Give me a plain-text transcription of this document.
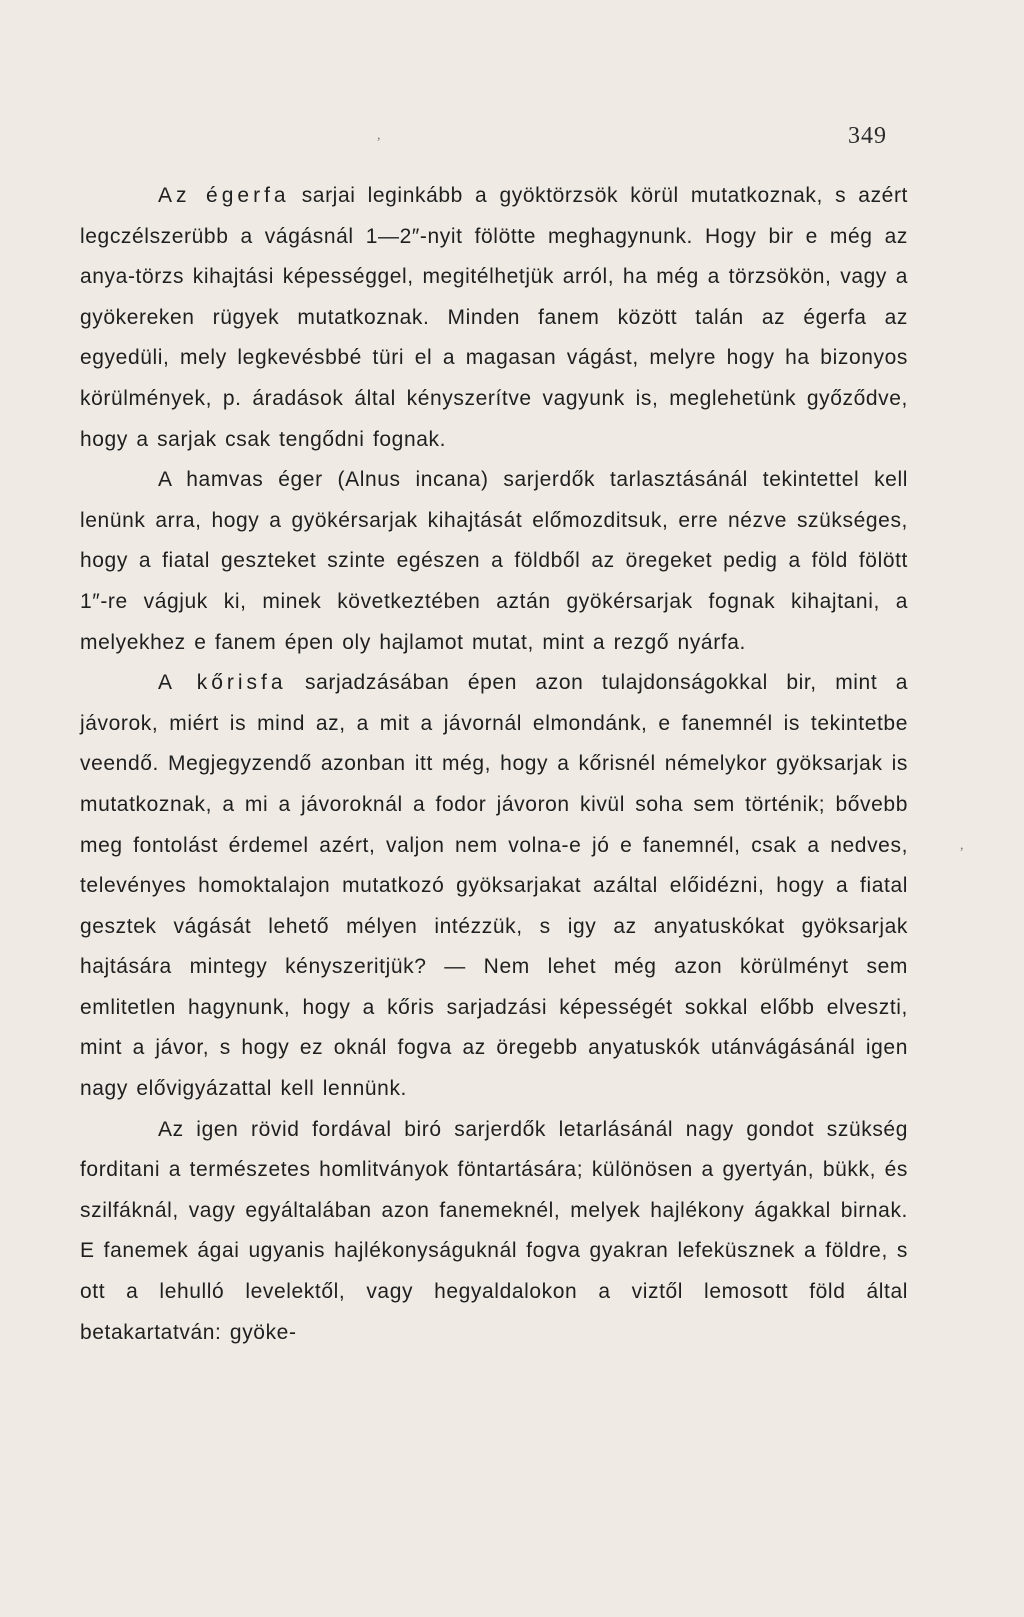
,
,
349

Az égerfa sarjai leginkább a gyöktörzsök körül mutatkoznak, s azért legczélszerübb a vágásnál 1—2″-nyit fölötte meghagynunk. Hogy bir e még az anya-törzs kihajtási képességgel, megitélhetjük arról, ha még a törzsökön, vagy a gyökereken rügyek mutatkoznak. Minden fanem között talán az égerfa az egyedüli, mely legkevésbbé türi el a magasan vágást, melyre hogy ha bizonyos körülmények, p. áradások által kényszerítve vagyunk is, meglehetünk győződve, hogy a sarjak csak tengődni fognak.

A hamvas éger (Alnus incana) sarjerdők tarlasztásánál tekintettel kell lenünk arra, hogy a gyökérsarjak kihajtását előmozditsuk, erre nézve szükséges, hogy a fiatal geszteket szinte egészen a földből az öregeket pedig a föld fölött 1″-re vágjuk ki, minek következtében aztán gyökérsarjak fognak kihajtani, a melyekhez e fanem épen oly hajlamot mutat, mint a rezgő nyárfa.

A kőrisfa sarjadzásában épen azon tulajdonságokkal bir, mint a jávorok, miért is mind az, a mit a jávornál elmondánk, e fanemnél is tekintetbe veendő. Megjegyzendő azonban itt még, hogy a kőrisnél némelykor gyöksarjak is mutatkoznak, a mi a jávoroknál a fodor jávoron kivül soha sem történik; bővebb meg fontolást érdemel azért, valjon nem volna-e jó e fanemnél, csak a nedves, televényes homoktalajon mutatkozó gyöksarjakat azáltal előidézni, hogy a fiatal gesztek vágását lehető mélyen intézzük, s igy az anyatuskókat gyöksarjak hajtására mintegy kényszeritjük? — Nem lehet még azon körülményt sem emlitetlen hagynunk, hogy a kőris sarjadzási képességét sokkal előbb elveszti, mint a jávor, s hogy ez oknál fogva az öregebb anyatuskók utánvágásánál igen nagy elővigyázattal kell lennünk.

Az igen rövid fordával biró sarjerdők letarlásánál nagy gondot szükség forditani a természetes homlitványok föntartására; különösen a gyertyán, bükk, és szilfáknál, vagy egyáltalában azon fanemeknél, melyek hajlékony ágakkal birnak. E fanemek ágai ugyanis hajlékonyságuknál fogva gyakran lefeküsznek a földre, s ott a lehulló levelektől, vagy hegyaldalokon a viztől lemosott föld által betakartatván: gyöke-
